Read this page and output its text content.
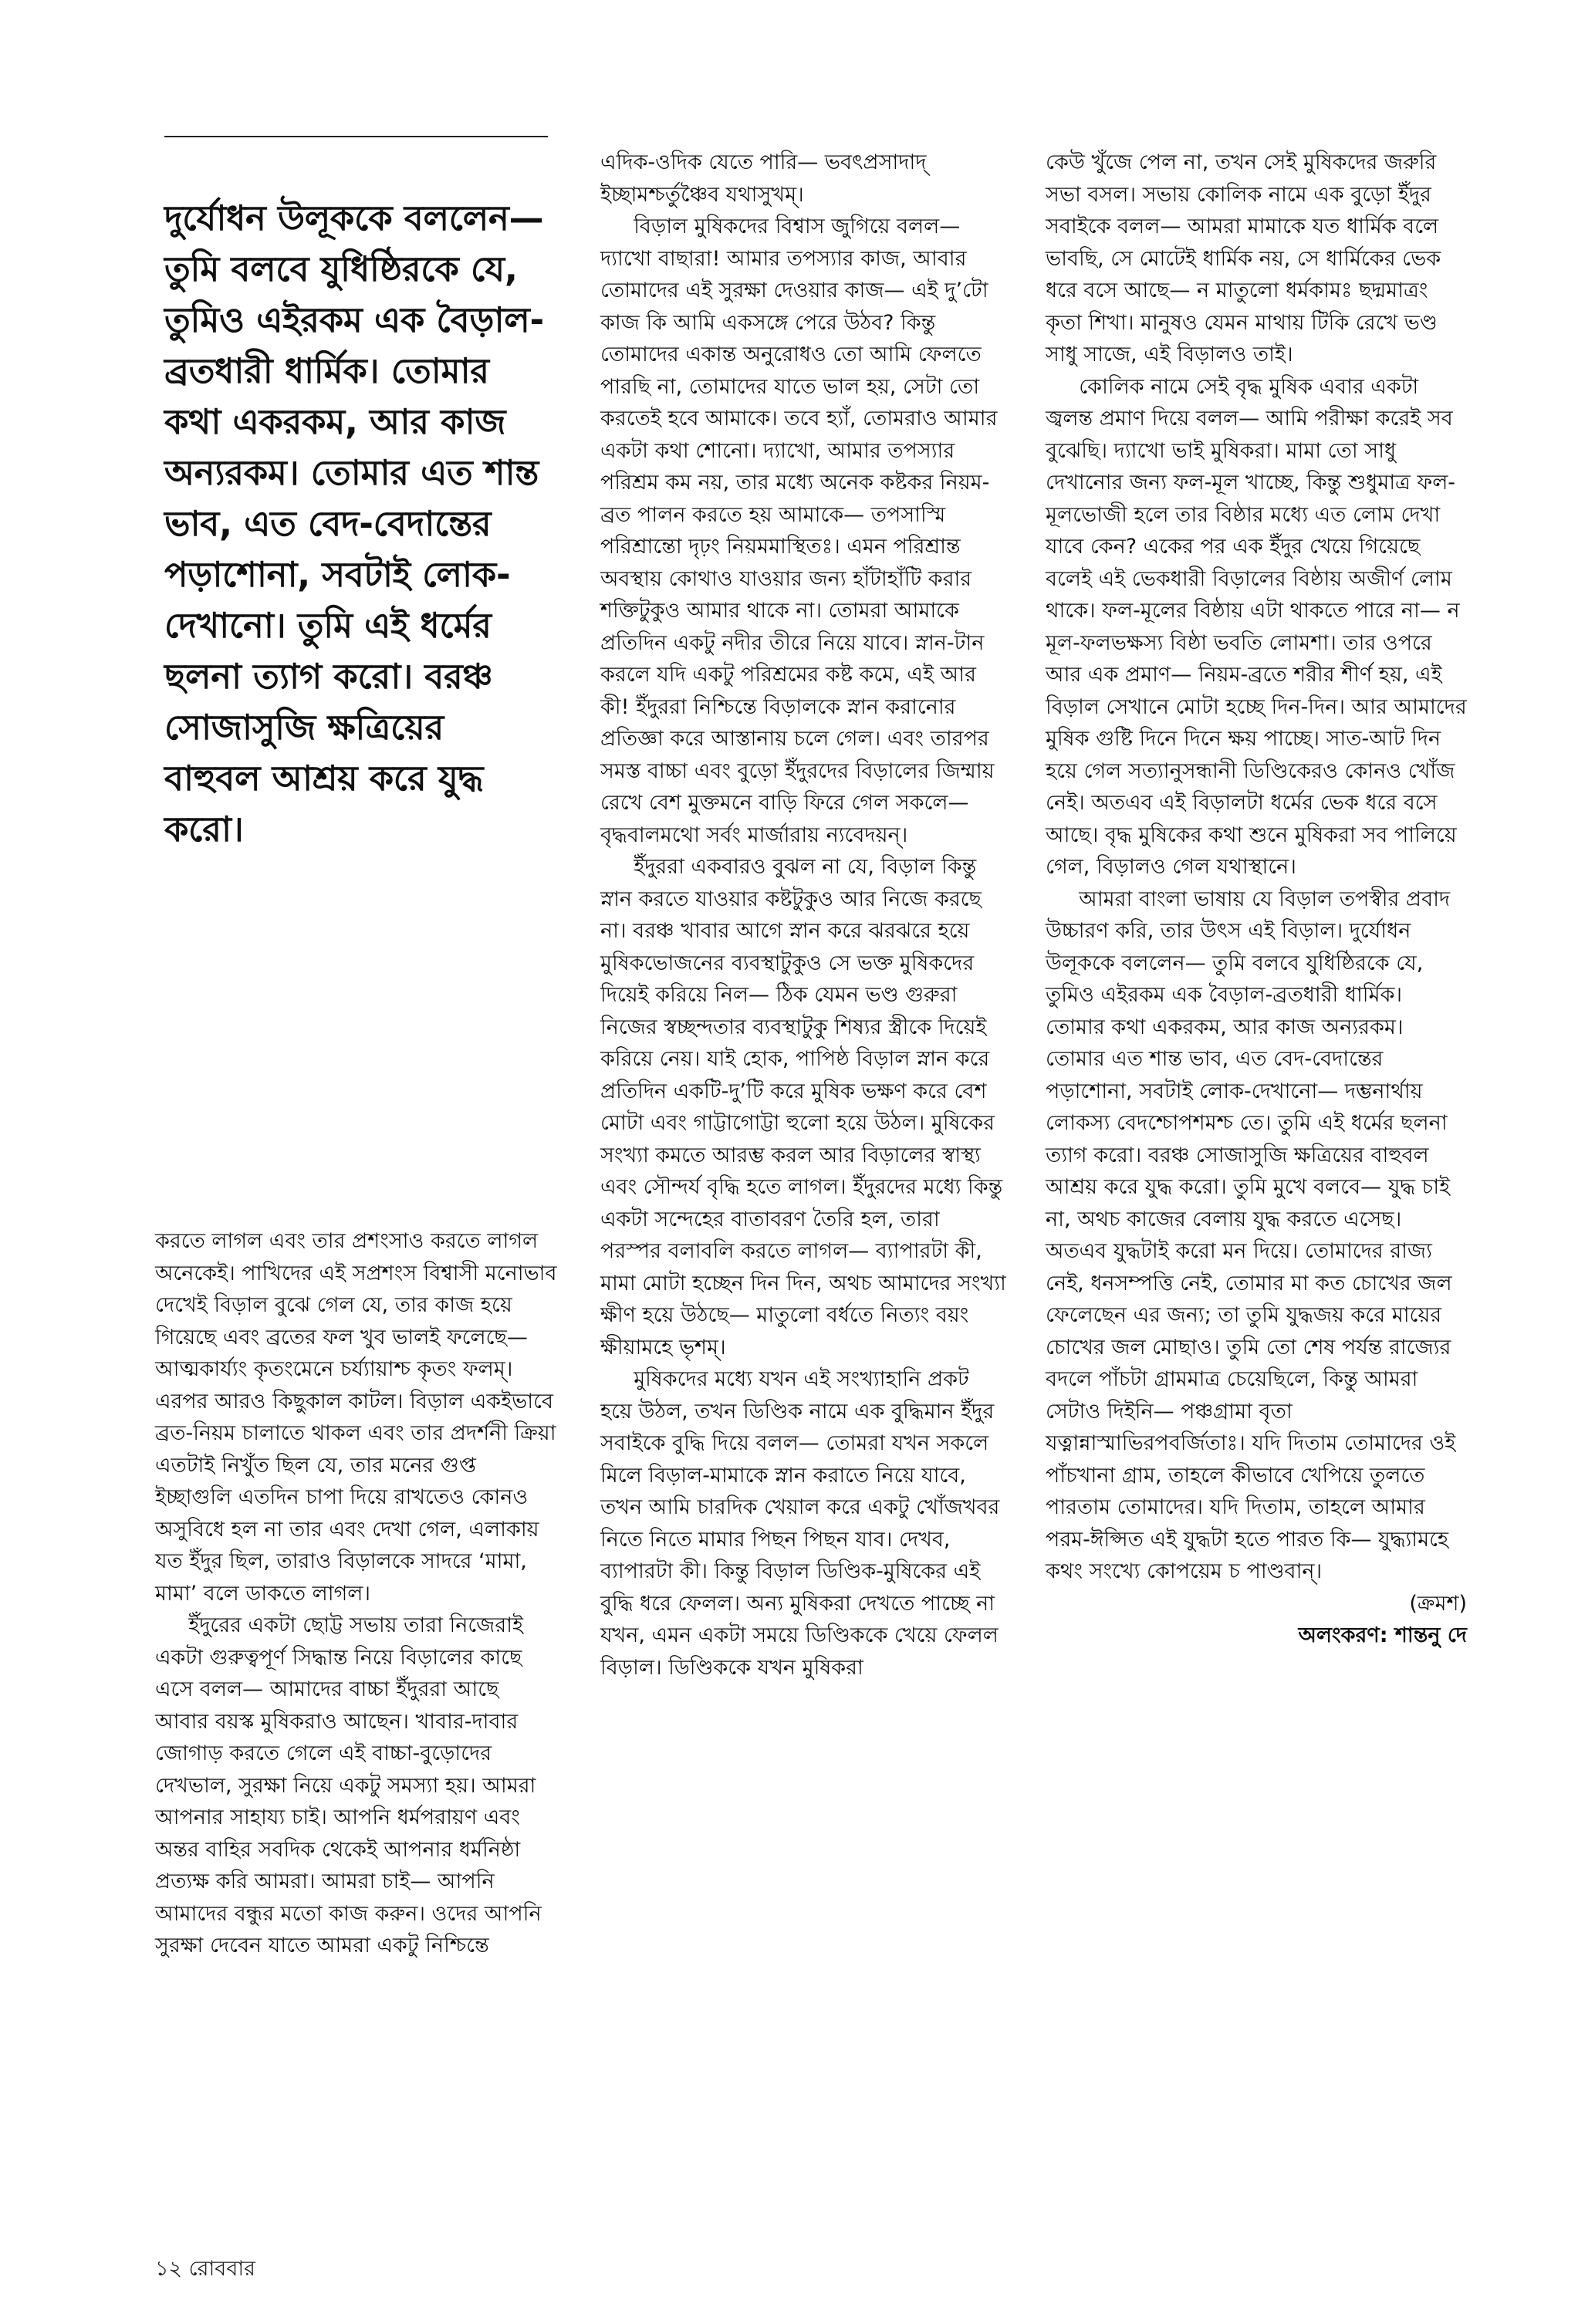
দুর্যোধন উলূককে বললেন— তুমি বলবে যুধিষ্ঠিরকে যে, তুমিও এইরকম এক বৈড়াল-ব্রতধারী ধার্মিক। তোমার কথা একরকম, আর কাজ অন্যরকম। তোমার এত শান্ত ভাব, এত বেদ-বেদান্তের পড়াশোনা, সবটাই লোক-দেখানো। তুমি এই ধর্মের ছলনা ত্যাগ করো। বরঞ্চ সোজাসুজি ক্ষত্রিয়ের বাহুবল আশ্রয় করে যুদ্ধ করো।

করতে লাগল এবং তার প্রশংসাও করতে লাগল অনেকেই। পাখিদের এই সপ্রশংস বিশ্বাসী মনোভাব দেখেই বিড়াল বুঝে গেল যে, তার কাজ হয়ে গিয়েছে এবং ব্রতের ফল খুব ভালই ফলেছে— আত্মকার্য্যং কৃতংমেনে চর্য্যায়াশ্চ কৃতং ফলম্। এরপর আরও কিছুকাল কাটল। বিড়াল একইভাবে ব্রত-নিয়ম চালাতে থাকল এবং তার প্রদর্শনী ক্রিয়া এতটাই নিখুঁত ছিল যে, তার মনের গুপ্ত ইচ্ছাগুলি এতদিন চাপা দিয়ে রাখতেও কোনও অসুবিধে হল না তার এবং দেখা গেল, এলাকায় যত ইঁদুর ছিল, তারাও বিড়ালকে সাদরে ‘মামা, মামা’ বলে ডাকতে লাগল।

ইঁদুরের একটা ছোট্ট সভায় তারা নিজেরাই একটা গুরুত্বপূর্ণ সিদ্ধান্ত নিয়ে বিড়ালের কাছে এসে বলল— আমাদের বাচ্চা ইঁদুররা আছে আবার বয়স্ক মুষিকরাও আছেন। খাবার-দাবার জোগাড় করতে গেলে এই বাচ্চা-বুড়োদের দেখভাল, সুরক্ষা নিয়ে একটু সমস্যা হয়। আমরা আপনার সাহায্য চাই। আপনি ধর্মপরায়ণ এবং অন্তর বাহির সবদিক থেকেই আপনার ধর্মনিষ্ঠা প্রত্যক্ষ করি আমরা। আমরা চাই— আপনি আমাদের বন্ধুর মতো কাজ করুন। ওদের আপনি সুরক্ষা দেবেন যাতে আমরা একটু নিশ্চিন্তে

এদিক-ওদিক যেতে পারি— ভবৎপ্রসাদাদ্ ইচ্ছামশ্চর্তুঞ্চৈব যথাসুখম্।

বিড়াল মুষিকদের বিশ্বাস জুগিয়ে বলল— দ্যাখো বাছারা! আমার তপস্যার কাজ, আবার তোমাদের এই সুরক্ষা দেওয়ার কাজ— এই দু’টো কাজ কি আমি একসঙ্গে পেরে উঠব? কিন্তু তোমাদের একান্ত অনুরোধও তো আমি ফেলতে পারছি না, তোমাদের যাতে ভাল হয়, সেটা তো করতেই হবে আমাকে। তবে হ্যাঁ, তোমরাও আমার একটা কথা শোনো। দ্যাখো, আমার তপস্যার পরিশ্রম কম নয়, তার মধ্যে অনেক কষ্টকর নিয়ম-ব্রত পালন করতে হয় আমাকে— তপসাস্মি পরিশ্রান্তো দৃঢ়ং নিয়মমাস্থিতঃ। এমন পরিশ্রান্ত অবস্থায় কোথাও যাওয়ার জন্য হাঁটাহাঁটি করার শক্তিটুকুও আমার থাকে না। তোমরা আমাকে প্রতিদিন একটু নদীর তীরে নিয়ে যাবে। স্নান-টান করলে যদি একটু পরিশ্রমের কষ্ট কমে, এই আর কী! ইঁদুররা নিশ্চিন্তে বিড়ালকে স্নান করানোর প্রতিজ্ঞা করে আস্তানায় চলে গেল। এবং তারপর সমস্ত বাচ্চা এবং বুড়ো ইঁদুরদের বিড়ালের জিম্মায় রেখে বেশ মুক্তমনে বাড়ি ফিরে গেল সকলে— বৃদ্ধবালমথো সর্বং মার্জারায় ন্যবেদয়ন্।

ইঁদুররা একবারও বুঝল না যে, বিড়াল কিন্তু স্নান করতে যাওয়ার কষ্টটুকুও আর নিজে করছে না। বরঞ্চ খাবার আগে স্নান করে ঝরঝরে হয়ে মুষিকভোজনের ব্যবস্থাটুকুও সে ভক্ত মুষিকদের দিয়েই করিয়ে নিল— ঠিক যেমন ভণ্ড গুরুরা নিজের স্বচ্ছন্দতার ব্যবস্থাটুকু শিষ্যর স্ত্রীকে দিয়েই করিয়ে নেয়। যাই হোক, পাপিষ্ঠ বিড়াল স্নান করে প্রতিদিন একটি-দু’টি করে মুষিক ভক্ষণ করে বেশ মোটা এবং গাট্টাগোট্টা হুলো হয়ে উঠল। মুষিকের সংখ্যা কমতে আরম্ভ করল আর বিড়ালের স্বাস্থ্য এবং সৌন্দর্য বৃদ্ধি হতে লাগল। ইঁদুরদের মধ্যে কিন্তু একটা সন্দেহের বাতাবরণ তৈরি হল, তারা পরস্পর বলাবলি করতে লাগল— ব্যাপারটা কী, মামা মোটা হচ্ছেন দিন দিন, অথচ আমাদের সংখ্যা ক্ষীণ হয়ে উঠছে— মাতুলো বর্ধতে নিত্যং বয়ং ক্ষীয়ামহে ভৃশম্।

মুষিকদের মধ্যে যখন এই সংখ্যাহানি প্রকট হয়ে উঠল, তখন ডিণ্ডিক নামে এক বুদ্ধিমান ইঁদুর সবাইকে বুদ্ধি দিয়ে বলল— তোমরা যখন সকলে মিলে বিড়াল-মামাকে স্নান করাতে নিয়ে যাবে, তখন আমি চারদিক খেয়াল করে একটু খোঁজখবর নিতে নিতে মামার পিছন পিছন যাব। দেখব, ব্যাপারটা কী। কিন্তু বিড়াল ডিণ্ডিক-মুষিকের এই বুদ্ধি ধরে ফেলল। অন্য মুষিকরা দেখতে পাচ্ছে না যখন, এমন একটা সময়ে ডিণ্ডিককে খেয়ে ফেলল বিড়াল। ডিণ্ডিককে যখন মুষিকরা

কেউ খুঁজে পেল না, তখন সেই মুষিকদের জরুরি সভা বসল। সভায় কোলিক নামে এক বুড়ো ইঁদুর সবাইকে বলল— আমরা মামাকে যত ধার্মিক বলে ভাবছি, সে মোটেই ধার্মিক নয়, সে ধার্মিকের ভেক ধরে বসে আছে— ন মাতুলো ধর্মকামঃ ছদ্মমাত্রং কৃতা শিখা। মানুষও যেমন মাথায় টিকি রেখে ভণ্ড সাধু সাজে, এই বিড়ালও তাই।

কোলিক নামে সেই বৃদ্ধ মুষিক এবার একটা জ্বলন্ত প্রমাণ দিয়ে বলল— আমি পরীক্ষা করেই সব বুঝেছি। দ্যাখো ভাই মুষিকরা। মামা তো সাধু দেখানোর জন্য ফল-মূল খাচ্ছে, কিন্তু শুধুমাত্র ফল-মূলভোজী হলে তার বিষ্ঠার মধ্যে এত লোম দেখা যাবে কেন? একের পর এক ইঁদুর খেয়ে গিয়েছে বলেই এই ভেকধারী বিড়ালের বিষ্ঠায় অজীর্ণ লোম থাকে। ফল-মূলের বিষ্ঠায় এটা থাকতে পারে না— ন মূল-ফলভক্ষস্য বিষ্ঠা ভবতি লোমশা। তার ওপরে আর এক প্রমাণ— নিয়ম-ব্রতে শরীর শীর্ণ হয়, এই বিড়াল সেখানে মোটা হচ্ছে দিন-দিন। আর আমাদের মুষিক গুষ্টি দিনে দিনে ক্ষয় পাচ্ছে। সাত-আট দিন হয়ে গেল সত্যানুসন্ধানী ডিণ্ডিকেরও কোনও খোঁজ নেই। অতএব এই বিড়ালটা ধর্মের ভেক ধরে বসে আছে। বৃদ্ধ মুষিকের কথা শুনে মুষিকরা সব পালিয়ে গেল, বিড়ালও গেল যথাস্থানে।

আমরা বাংলা ভাষায় যে বিড়াল তপস্বীর প্রবাদ উচ্চারণ করি, তার উৎস এই বিড়াল। দুর্যোধন উলূককে বললেন— তুমি বলবে যুধিষ্ঠিরকে যে, তুমিও এইরকম এক বৈড়াল-ব্রতধারী ধার্মিক। তোমার কথা একরকম, আর কাজ অন্যরকম। তোমার এত শান্ত ভাব, এত বেদ-বেদান্তের পড়াশোনা, সবটাই লোক-দেখানো— দম্ভনার্থায় লোকস্য বেদশ্চোপশমশ্চ তে। তুমি এই ধর্মের ছলনা ত্যাগ করো। বরঞ্চ সোজাসুজি ক্ষত্রিয়ের বাহুবল আশ্রয় করে যুদ্ধ করো। তুমি মুখে বলবে— যুদ্ধ চাই না, অথচ কাজের বেলায় যুদ্ধ করতে এসেছ। অতএব যুদ্ধটাই করো মন দিয়ে। তোমাদের রাজ্য নেই, ধনসম্পত্তি নেই, তোমার মা কত চোখের জল ফেলেছেন এর জন্য; তা তুমি যুদ্ধজয় করে মায়ের চোখের জল মোছাও। তুমি তো শেষ পর্যন্ত রাজ্যের বদলে পাঁচটা গ্রামমাত্র চেয়েছিলে, কিন্তু আমরা সেটাও দিইনি— পঞ্চগ্রামা বৃতা যত্নান্নাস্মাভিরপবর্জিতাঃ। যদি দিতাম তোমাদের ওই পাঁচখানা গ্রাম, তাহলে কীভাবে খেপিয়ে তুলতে পারতাম তোমাদের। যদি দিতাম, তাহলে আমার পরম-ঈপ্সিত এই যুদ্ধটা হতে পারত কি— যুদ্ধ্যামহে কথং সংখ্যে কোপয়েম চ পাণ্ডবান্।

(ক্রমশ)

অলংকরণ: শান্তনু দে

১২ রোববার
